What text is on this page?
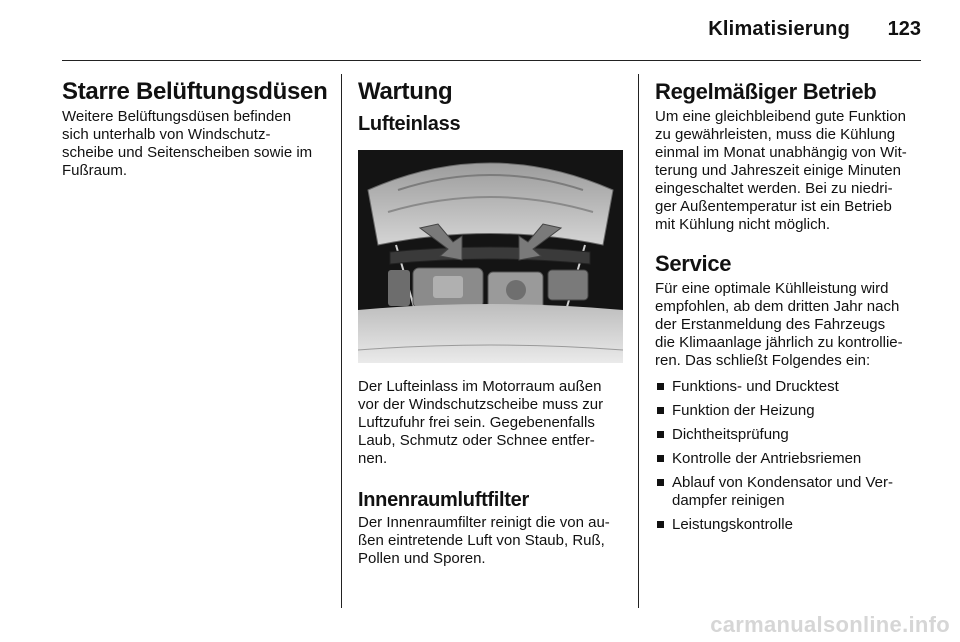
Klimatisierung 123
Starre Belüftungsdüsen

Weitere Belüftungsdüsen befinden
sich unterhalb von Windschutz-
scheibe und Seitenscheiben sowie im
Fußraum.

Wartung
Lufteinlass

Der Lufteinlass im Motorraum außen
vor der Windschutzscheibe muss zur
Luftzufuhr frei sein. Gegebenenfalls
Laub, Schmutz oder Schnee entfer-
nen.

Innenraumluftfilter

Der Innenraumfilter reinigt die von au-
ßen eintretende Luft von Staub, Ruß,
Pollen und Sporen.

Regelmäßiger Betrieb

Um eine gleichbleibend gute Funktion
zu gewährleisten, muss die Kühlung
einmal im Monat unabhängig von Wit-
terung und Jahreszeit einige Minuten
eingeschaltet werden. Bei zu niedri-
ger Außentemperatur ist ein Betrieb
mit Kühlung nicht möglich.

Service

Für eine optimale Kühlleistung wird
empfohlen, ab dem dritten Jahr nach
der Erstanmeldung des Fahrzeugs
die Klimaanlage jährlich zu kontrollie-
ren. Das schließt Folgendes ein:

Funktions- und Drucktest
Funktion der Heizung
Dichtheitsprüfung
Kontrolle der Antriebsriemen
Ablauf von Kondensator und Ver-
dampfer reinigen
Leistungskontrolle
carmanualsonline.info
